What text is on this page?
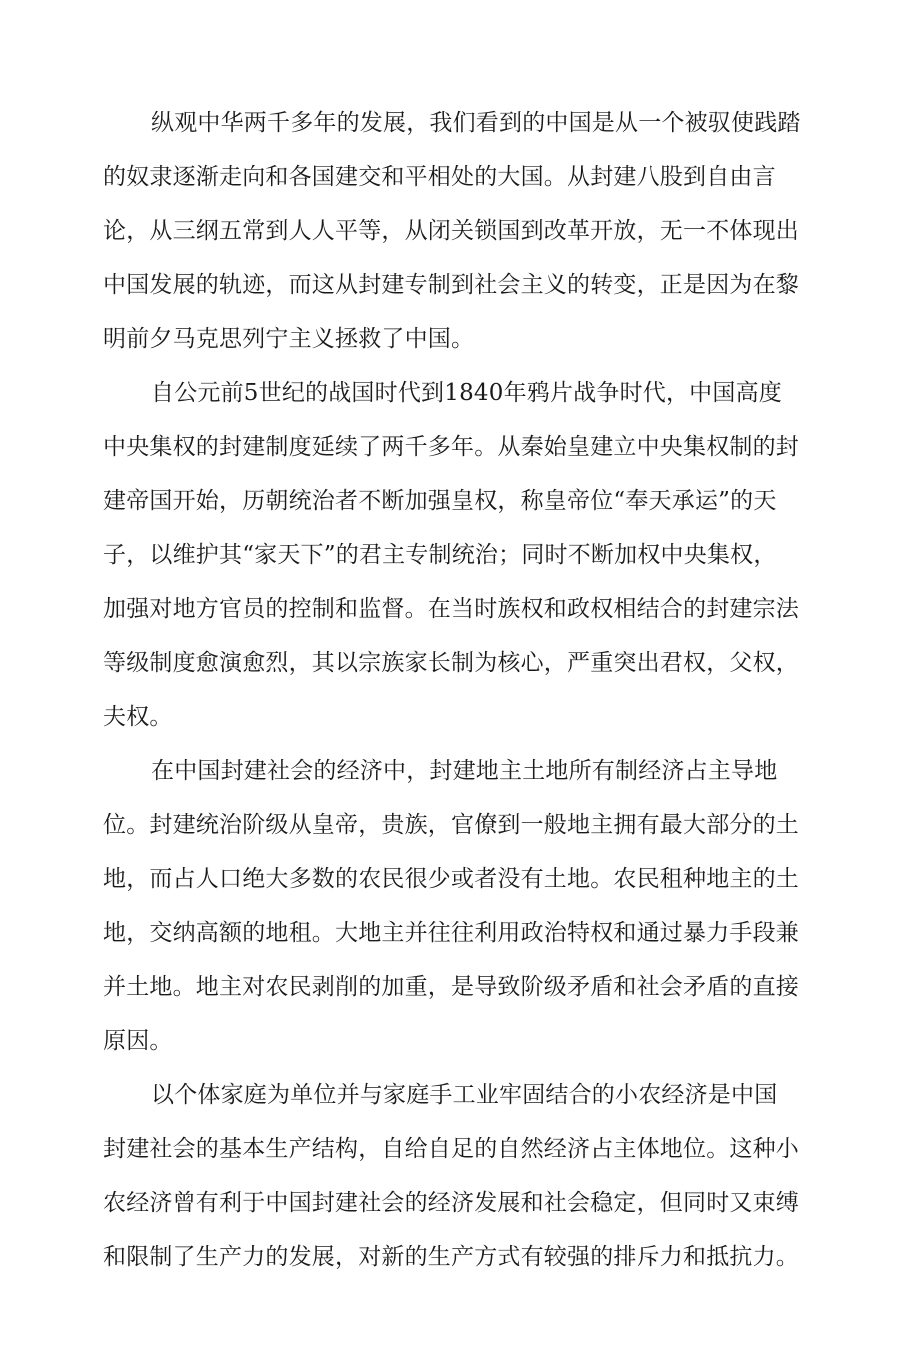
纵观中华两千多年的发展，我们看到的中国是从一个被驭使践踏
的奴隶逐渐走向和各国建交和平相处的大国。从封建八股到自由言
论，从三纲五常到人人平等，从闭关锁国到改革开放，无一不体现出
中国发展的轨迹，而这从封建专制到社会主义的转变，正是因为在黎
明前夕马克思列宁主义拯救了中国。
自公元前5世纪的战国时代到1840年鸦片战争时代，中国高度
中央集权的封建制度延续了两千多年。从秦始皇建立中央集权制的封
建帝国开始，历朝统治者不断加强皇权，称皇帝位“奉天承运”的天
子，以维护其“家天下”的君主专制统治；同时不断加权中央集权，
加强对地方官员的控制和监督。在当时族权和政权相结合的封建宗法
等级制度愈演愈烈，其以宗族家长制为核心，严重突出君权，父权，
夫权。
在中国封建社会的经济中，封建地主土地所有制经济占主导地
位。封建统治阶级从皇帝，贵族，官僚到一般地主拥有最大部分的土
地，而占人口绝大多数的农民很少或者没有土地。农民租种地主的土
地，交纳高额的地租。大地主并往往利用政治特权和通过暴力手段兼
并土地。地主对农民剥削的加重，是导致阶级矛盾和社会矛盾的直接
原因。
以个体家庭为单位并与家庭手工业牢固结合的小农经济是中国
封建社会的基本生产结构，自给自足的自然经济占主体地位。这种小
农经济曾有利于中国封建社会的经济发展和社会稳定，但同时又束缚
和限制了生产力的发展，对新的生产方式有较强的排斥力和抵抗力。
